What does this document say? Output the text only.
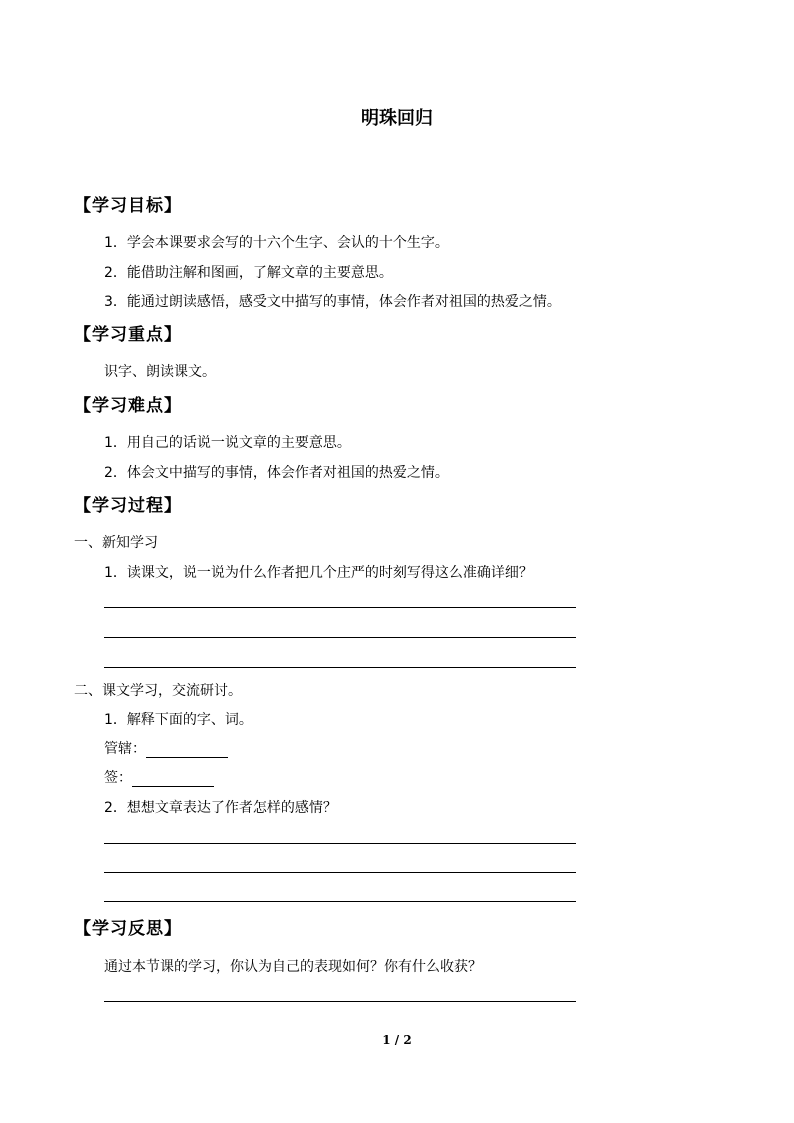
明珠回归
【学习目标】
1．学会本课要求会写的十六个生字、会认的十个生字。
2．能借助注解和图画，了解文章的主要意思。
3．能通过朗读感悟，感受文中描写的事情，体会作者对祖国的热爱之情。
【学习重点】
识字、朗读课文。
【学习难点】
1．用自己的话说一说文章的主要意思。
2．体会文中描写的事情，体会作者对祖国的热爱之情。
【学习过程】
一、新知学习
1．读课文，说一说为什么作者把几个庄严的时刻写得这么准确详细？
二、课文学习，交流研讨。
1．解释下面的字、词。
管辖：
签：
2．想想文章表达了作者怎样的感情？
【学习反思】
通过本节课的学习，你认为自己的表现如何？你有什么收获？
1 / 2
